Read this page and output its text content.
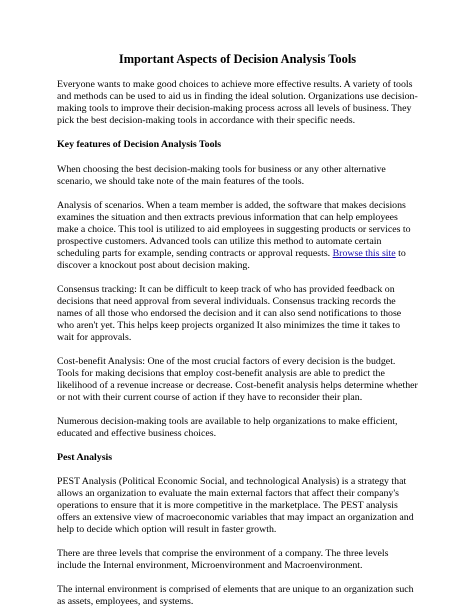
Important Aspects of Decision Analysis Tools

Everyone wants to make good choices to achieve more effective results. A variety of tools and methods can be used to aid us in finding the ideal solution. Organizations use decision-making tools to improve their decision-making process across all levels of business. They pick the best decision-making tools in accordance with their specific needs.

Key features of Decision Analysis Tools

When choosing the best decision-making tools for business or any other alternative scenario, we should take note of the main features of the tools.

Analysis of scenarios. When a team member is added, the software that makes decisions examines the situation and then extracts previous information that can help employees make a choice. This tool is utilized to aid employees in suggesting products or services to prospective customers. Advanced tools can utilize this method to automate certain scheduling parts for example, sending contracts or approval requests. Browse this site to discover a knockout post about decision making.

Consensus tracking: It can be difficult to keep track of who has provided feedback on decisions that need approval from several individuals. Consensus tracking records the names of all those who endorsed the decision and it can also send notifications to those who aren't yet. This helps keep projects organized It also minimizes the time it takes to wait for approvals.

Cost-benefit Analysis: One of the most crucial factors of every decision is the budget. Tools for making decisions that employ cost-benefit analysis are able to predict the likelihood of a revenue increase or decrease. Cost-benefit analysis helps determine whether or not with their current course of action if they have to reconsider their plan.

Numerous decision-making tools are available to help organizations to make efficient, educated and effective business choices.

Pest Analysis

PEST Analysis (Political Economic Social, and technological Analysis) is a strategy that allows an organization to evaluate the main external factors that affect their company's operations to ensure that it is more competitive in the marketplace. The PEST analysis offers an extensive view of macroeconomic variables that may impact an organization and help to decide which option will result in faster growth.

There are three levels that comprise the environment of a company. The three levels include the Internal environment, Microenvironment and Macroenvironment.

The internal environment is comprised of elements that are unique to an organization such as assets, employees, and systems.
